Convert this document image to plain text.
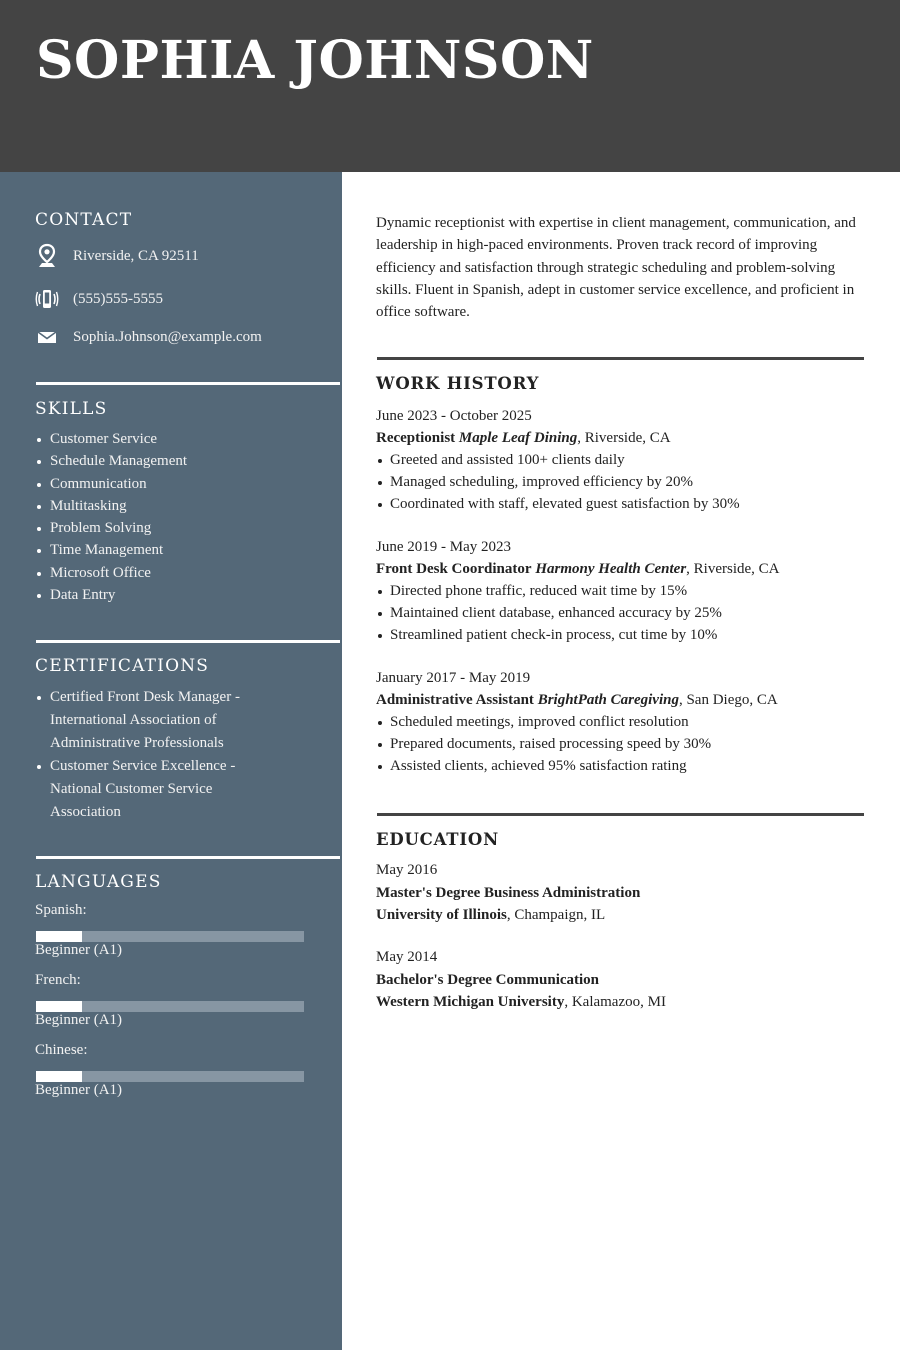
SOPHIA JOHNSON
CONTACT
Riverside, CA 92511
(555)555-5555
Sophia.Johnson@example.com
SKILLS
Customer Service
Schedule Management
Communication
Multitasking
Problem Solving
Time Management
Microsoft Office
Data Entry
CERTIFICATIONS
Certified Front Desk Manager - International Association of Administrative Professionals
Customer Service Excellence - National Customer Service Association
LANGUAGES
Spanish:
Beginner (A1)
French:
Beginner (A1)
Chinese:
Beginner (A1)

Dynamic receptionist with expertise in client management, communication, and leadership in high-paced environments. Proven track record of improving efficiency and satisfaction through strategic scheduling and problem-solving skills. Fluent in Spanish, adept in customer service excellence, and proficient in office software.

WORK HISTORY
June 2023 - October 2025
Receptionist Maple Leaf Dining, Riverside, CA
Greeted and assisted 100+ clients daily
Managed scheduling, improved efficiency by 20%
Coordinated with staff, elevated guest satisfaction by 30%
June 2019 - May 2023
Front Desk Coordinator Harmony Health Center, Riverside, CA
Directed phone traffic, reduced wait time by 15%
Maintained client database, enhanced accuracy by 25%
Streamlined patient check-in process, cut time by 10%
January 2017 - May 2019
Administrative Assistant BrightPath Caregiving, San Diego, CA
Scheduled meetings, improved conflict resolution
Prepared documents, raised processing speed by 30%
Assisted clients, achieved 95% satisfaction rating
EDUCATION
May 2016
Master's Degree Business Administration
University of Illinois, Champaign, IL
May 2014
Bachelor's Degree Communication
Western Michigan University, Kalamazoo, MI
